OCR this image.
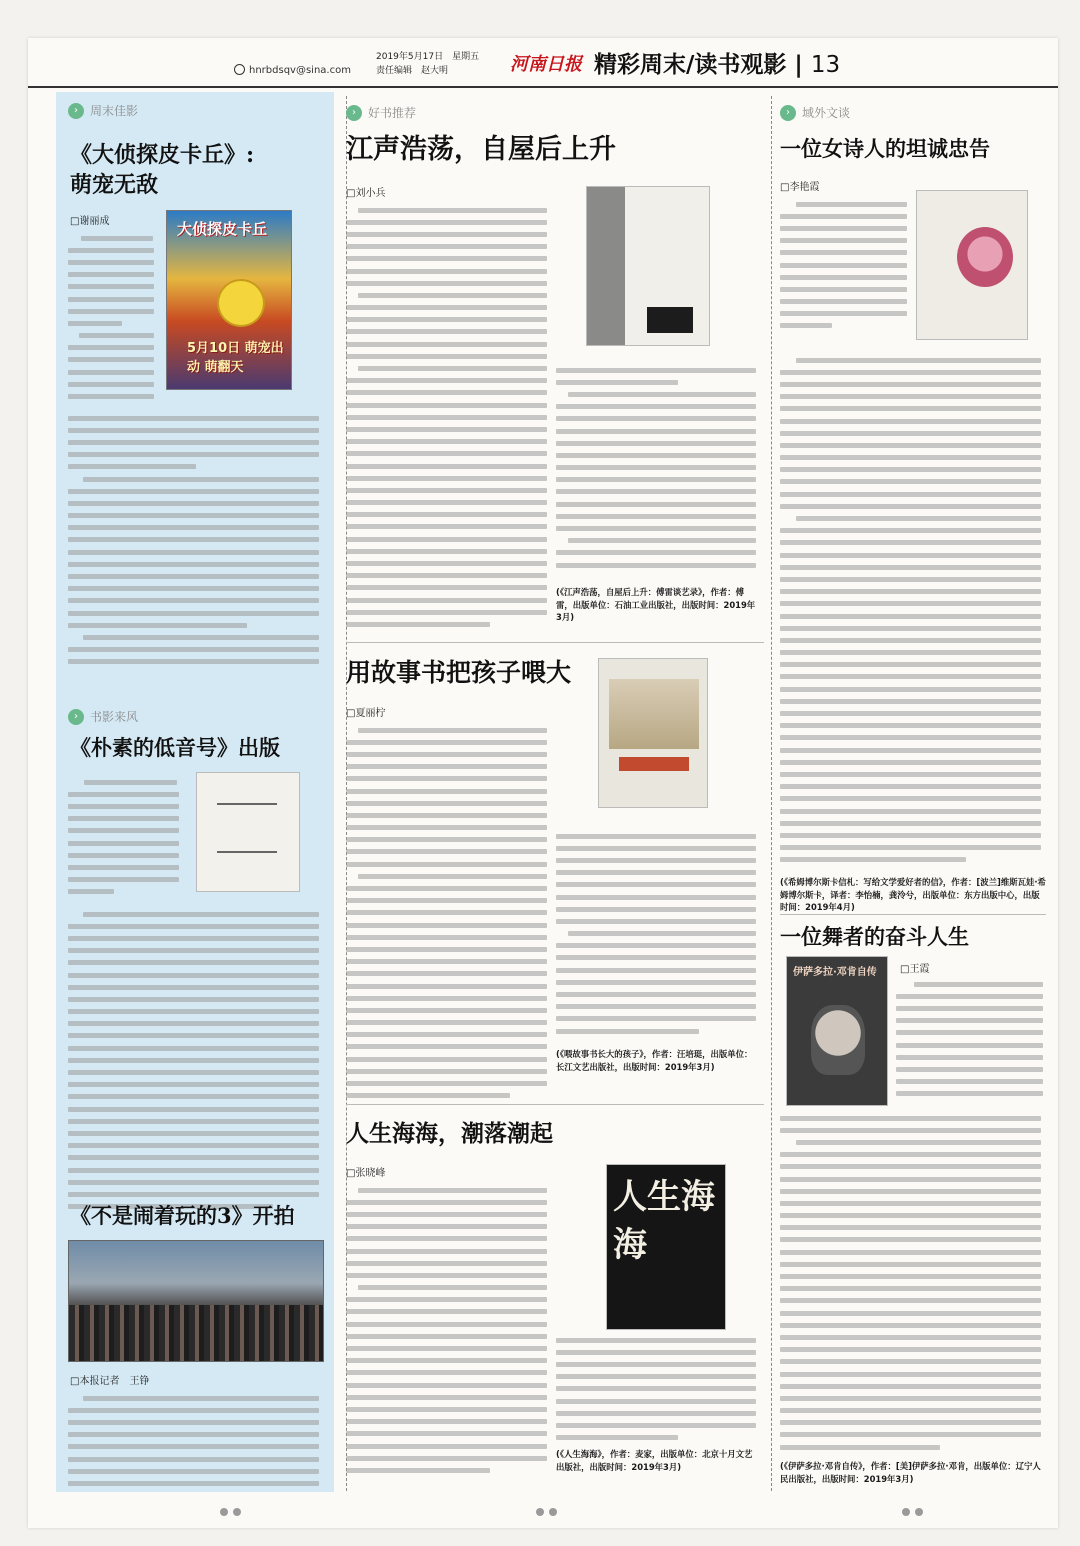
hnrbdsqv@sina.com
2019年5月17日　星期五
责任编辑　赵大明	河南日报 精彩周末/读书观影 | 13
›	周末佳影
《大侦探皮卡丘》:
萌宠无敌
□谢丽成	大侦探皮卡丘
5月10日 萌宠出动 萌翻天
›	书影来风
《朴素的低音号》出版
《不是闹着玩的3》开拍
□本报记者　王铮
›	好书推荐
江声浩荡，自屋后上升
□刘小兵
(《江声浩荡，自屋后上升：傅雷谈艺录》，作者：傅雷，出版单位：石油工业出版社，出版时间：2019年3月)
用故事书把孩子喂大
□夏丽柠
(《喂故事书长大的孩子》，作者：汪培珽，出版单位：长江文艺出版社，出版时间：2019年3月)
人生海海，潮落潮起
□张晓峰
人生海海
(《人生海海》，作者：麦家，出版单位：北京十月文艺出版社，出版时间：2019年3月)
›	域外文谈
一位女诗人的坦诚忠告
□李艳霞
(《希姆博尔斯卡信札：写给文学爱好者的信》，作者：[波兰]维斯瓦娃·希姆博尔斯卡，译者：李怡楠，龚泠兮，出版单位：东方出版中心，出版时间：2019年4月)
一位舞者的奋斗人生
□王霞
伊萨多拉·邓肯自传
(《伊萨多拉·邓肯自传》，作者：[美]伊萨多拉·邓肯，出版单位：辽宁人民出版社，出版时间：2019年3月)
